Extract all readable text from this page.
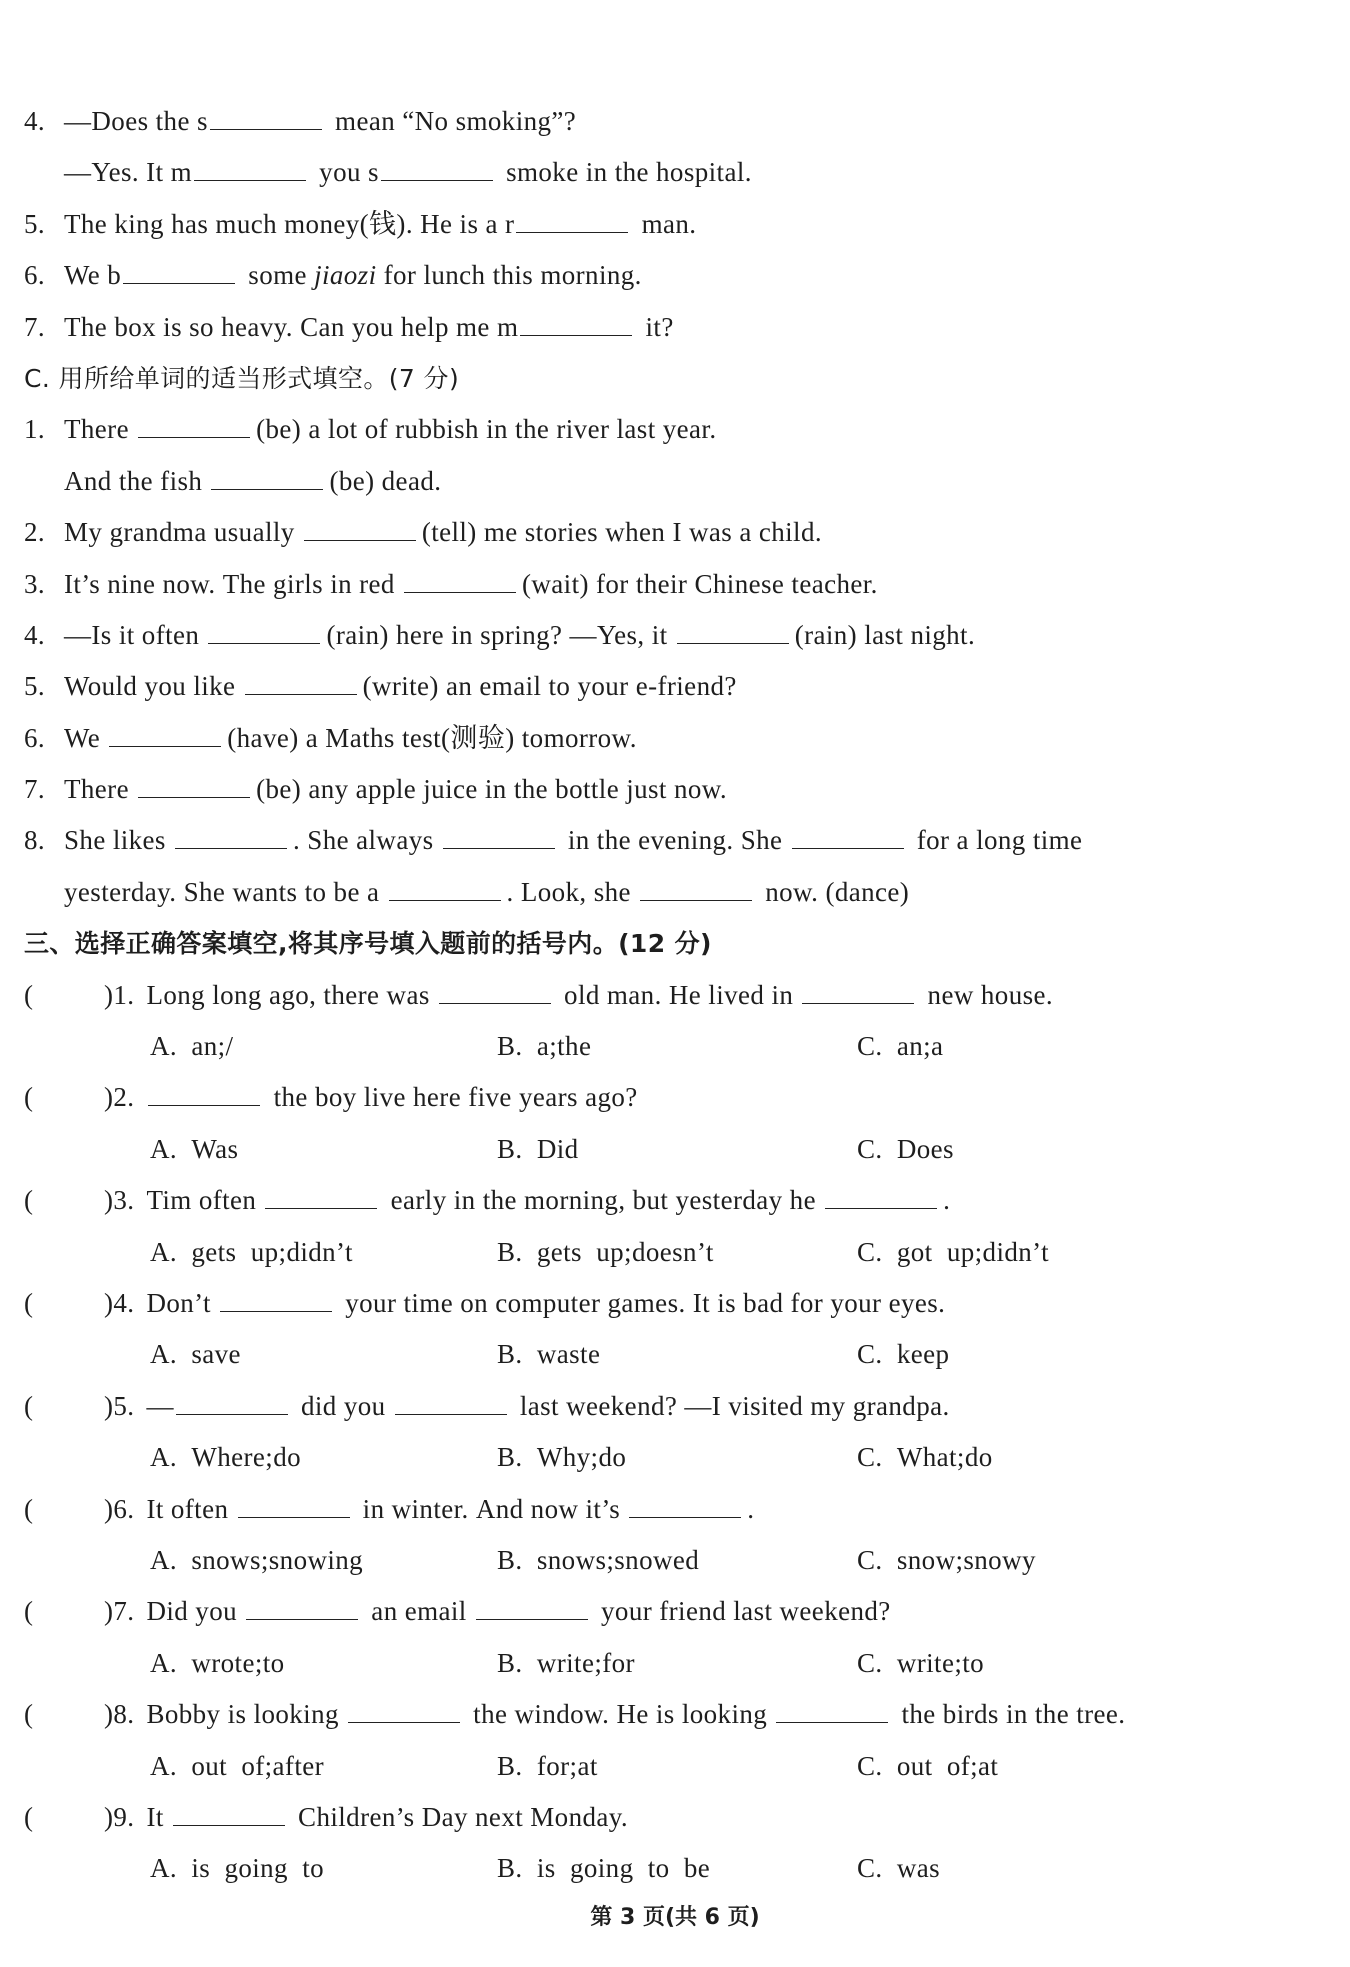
4. —Does the s	mean “No smoking”?
—Yes. It m	you s	smoke in the hospital.
5. The king has much money(钱). He is a r	man.
6. We b	some jiaozi for lunch this morning.
7. The box is so heavy. Can you help me m	it?
C. 用所给单词的适当形式填空。(7 分)
1. There	(be) a lot of rubbish in the river last year.
And the fish	(be) dead.
2. My grandma usually	(tell) me stories when I was a child.
3. It’s nine now. The girls in red	(wait) for their Chinese teacher.
4. —Is it often	(rain) here in spring? —Yes, it	(rain) last night.
5. Would you like	(write) an email to your e-friend?
6. We	(have) a Maths test(测验) tomorrow.
7. There	(be) any apple juice in the bottle just now.
8. She likes	. She always	in the evening. She	for a long time
yesterday. She wants to be a	. Look, she	now. (dance)
三、选择正确答案填空,将其序号填入题前的括号内。(12 分)
(	)1. Long long ago, there was	old man. He lived in	new house.
A.  an;/	B.  a;the	C.  an;a
(	)2.	the boy live here five years ago?
A.  Was	B.  Did	C.  Does
(	)3. Tim often	early in the morning, but yesterday he	.
A.  gets  up;didn’t	B.  gets  up;doesn’t	C.  got  up;didn’t
(	)4. Don’t	your time on computer games. It is bad for your eyes.
A.  save	B.  waste	C.  keep
(	)5. —	did you	last weekend? —I visited my grandpa.
A.  Where;do	B.  Why;do	C.  What;do
(	)6. It often	in winter. And now it’s	.
A.  snows;snowing	B.  snows;snowed	C.  snow;snowy
(	)7. Did you	an email	your friend last weekend?
A.  wrote;to	B.  write;for	C.  write;to
(	)8. Bobby is looking	the window. He is looking	the birds in the tree.
A.  out  of;after	B.  for;at	C.  out  of;at
(	)9. It	Children’s Day next Monday.
A.  is  going  to	B.  is  going  to  be	C.  was
第 3 页(共 6 页)
